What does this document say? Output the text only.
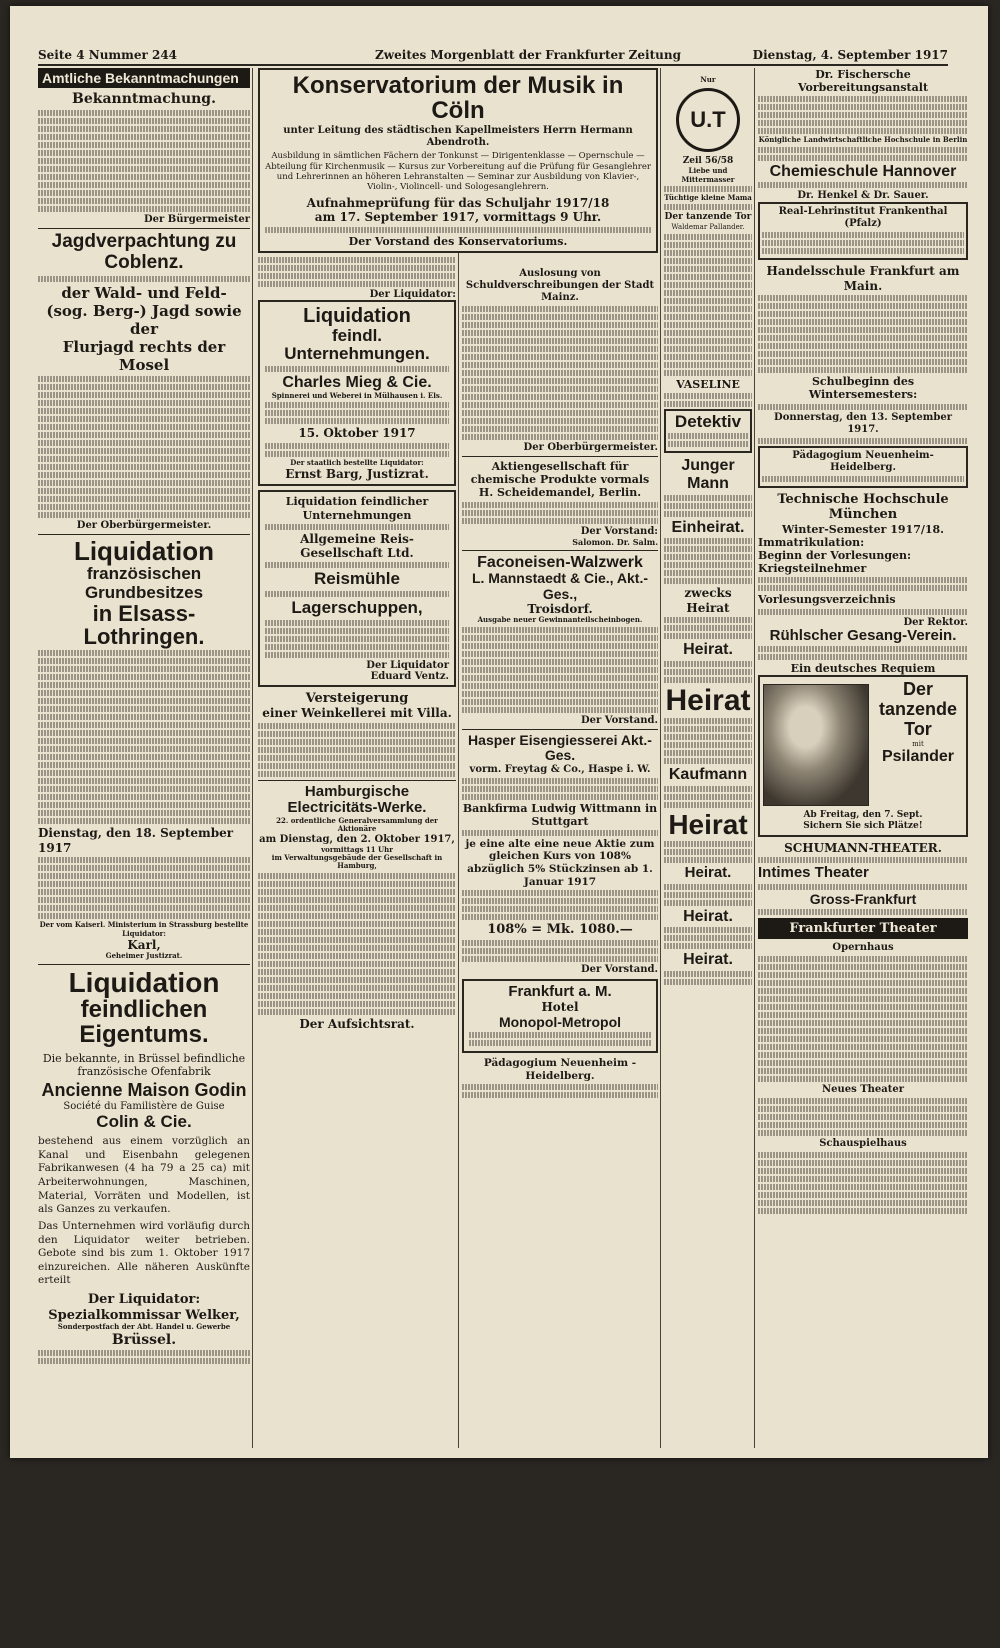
Seite 4 Nummer 244	Zweites Morgenblatt der Frankfurter Zeitung	Dienstag, 4. September 1917
Amtliche Bekanntmachungen
Bekanntmachung.
Der Bürgermeister
Jagdverpachtung zu Coblenz.
der Wald- und Feld-
(sog. Berg-) Jagd sowie der
Flurjagd rechts der Mosel
Der Oberbürgermeister.
Liquidation
französischen Grundbesitzes
in Elsass-Lothringen.
Dienstag, den 18. September 1917
Der vom Kaiserl. Ministerium in Strassburg bestellte Liquidator:
Karl,
Geheimer Justizrat.
Liquidation
feindlichen Eigentums.
Die bekannte, in Brüssel befindliche französische Ofenfabrik
Ancienne Maison Godin
Société du Familistère de Guise
Colin & Cie.
bestehend aus einem vorzüglich an Kanal und Eisenbahn gelegenen Fabrikanwesen (4 ha 79 a 25 ca) mit Arbeiterwohnungen, Maschinen, Material, Vorräten und Modellen, ist als Ganzes zu verkaufen.
Das Unternehmen wird vorläufig durch den Liquidator weiter betrieben. Gebote sind bis zum 1. Oktober 1917 einzureichen. Alle näheren Auskünfte erteilt
Der Liquidator:
Spezialkommissar Welker,
Sonderpostfach der Abt. Handel u. Gewerbe
Brüssel.
Konservatorium der Musik in Cöln
unter Leitung des städtischen Kapellmeisters Herrn Hermann Abendroth.
Ausbildung in sämtlichen Fächern der Tonkunst — Dirigentenklasse — Opernschule — Abteilung für Kirchenmusik — Kursus zur Vorbereitung auf die Prüfung für Gesanglehrer und Lehrerinnen an höheren Lehranstalten — Seminar zur Ausbildung von Klavier-, Violin-, Violincell- und Sologesanglehrern.
Aufnahmeprüfung für das Schuljahr 1917/18
am 17. September 1917, vormittags 9 Uhr.
Der Vorstand des Konservatoriums.
Der Liquidator:
Liquidation
feindl. Unternehmungen.
Charles Mieg & Cie.
Spinnerei und Weberei in Mülhausen i. Els.
15. Oktober 1917
Der staatlich bestellte Liquidator:
Ernst Barg, Justizrat.
Liquidation feindlicher Unternehmungen
Allgemeine Reis-Gesellschaft Ltd.
Reismühle
Lagerschuppen,
Der Liquidator
Eduard Ventz.
Versteigerung
einer Weinkellerei mit Villa.
Hamburgische Electricitäts-Werke.
22. ordentliche Generalversammlung der Aktionäre
am Dienstag, den 2. Oktober 1917,
vormittags 11 Uhr
im Verwaltungsgebäude der Gesellschaft in Hamburg,
Der Aufsichtsrat.
Auslosung von Schuldverschreibungen der Stadt Mainz.
Der Oberbürgermeister.
Aktiengesellschaft für chemische Produkte vormals H. Scheidemandel, Berlin.
Der Vorstand:
Salomon. Dr. Salm.
Faconeisen-Walzwerk
L. Mannstaedt & Cie., Akt.-Ges.,
Troisdorf.
Ausgabe neuer Gewinnanteilscheinbogen.
Der Vorstand.
Hasper Eisengiesserei Akt.-Ges.
vorm. Freytag & Co., Haspe i. W.
Bankfirma Ludwig Wittmann in Stuttgart
je eine alte eine neue Aktie zum gleichen Kurs von 108% abzüglich 5% Stückzinsen ab 1. Januar 1917
108% = Mk. 1080.—
Der Vorstand.
Frankfurt a. M.
Hotel
Monopol-Metropol
Pädagogium Neuenheim - Heidelberg.
Nur
U.T
Zeil 56/58
Liebe und Mittermasser
Tüchtige kleine Mama
Der tanzende Tor
Waldemar Pallander.
VASELINE
Detektiv
Junger Mann
Einheirat.
zwecks Heirat
Heirat.
Heirat
Kaufmann
Heirat
Heirat.
Heirat.
Heirat.
Dr. Fischersche Vorbereitungsanstalt
Königliche Landwirtschaftliche Hochschule in Berlin
Chemieschule Hannover
Dr. Henkel & Dr. Sauer.
Real-Lehrinstitut Frankenthal (Pfalz)
Handelsschule Frankfurt am Main.
Schulbeginn des Wintersemesters:
Donnerstag, den 13. September 1917.
Pädagogium Neuenheim-Heidelberg.
Technische Hochschule München
Winter-Semester 1917/18.
Immatrikulation:
Beginn der Vorlesungen:
Kriegsteilnehmer
Vorlesungsverzeichnis
Der Rektor.
Rühlscher Gesang-Verein.
Ein deutsches Requiem
Der tanzende Tor
mit
Psilander
Ab Freitag, den 7. Sept.
Sichern Sie sich Plätze!
SCHUMANN-THEATER.
Intimes Theater
Gross-Frankfurt
Frankfurter Theater
Opernhaus
Neues Theater
Schauspielhaus
